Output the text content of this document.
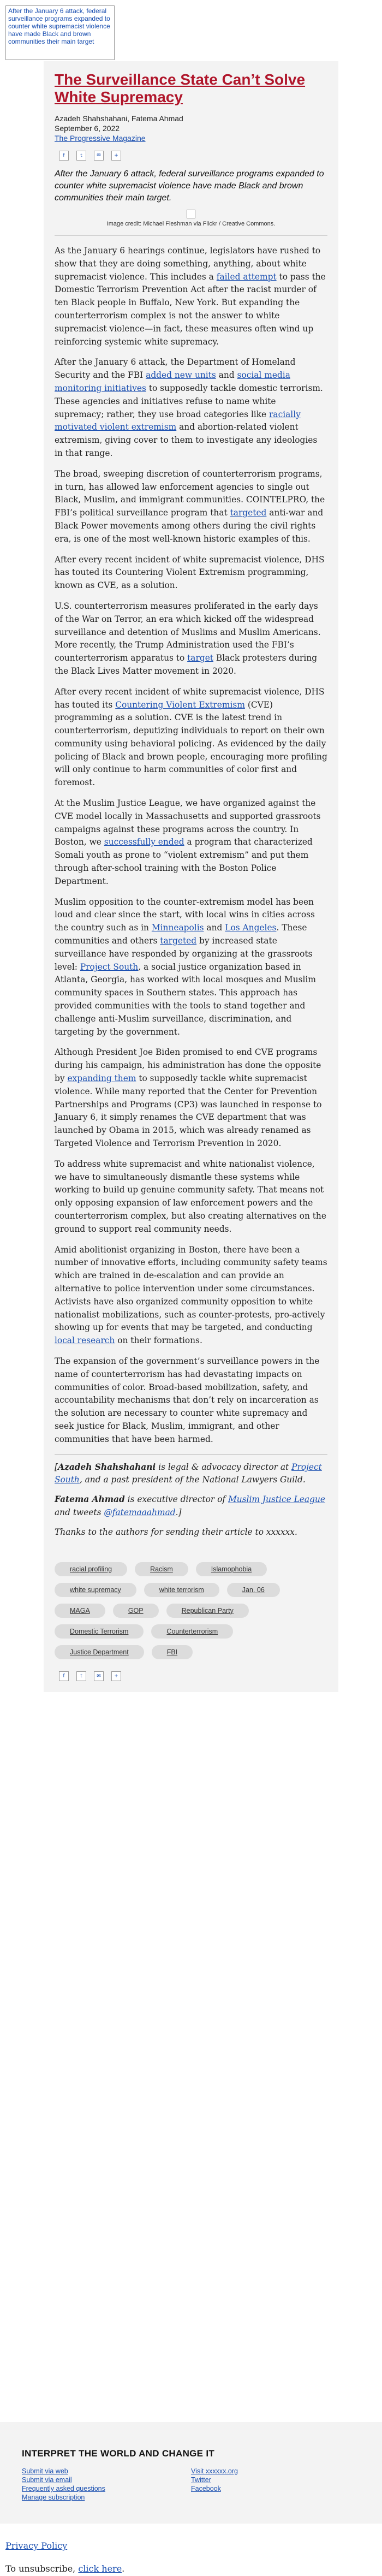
After the January 6 attack, federal surveillance programs expanded to counter white supremacist violence have made Black and brown communities their main target
The Surveillance State Can’t Solve White Supremacy
Azadeh Shahshahani, Fatema Ahmad
September 6, 2022
The Progressive Magazine
f	t	✉	+
After the January 6 attack, federal surveillance programs expanded to counter white supremacist violence have made Black and brown communities their main target.
Image credit: Michael Fleshman via Flickr / Creative Commons.

As the January 6 hearings continue, legislators have rushed to show that they are doing something, anything, about white supremacist violence. This includes a failed attempt to pass the Domestic Terrorism Prevention Act after the racist murder of ten Black people in Buffalo, New York. But expanding the counterterrorism complex is not the answer to white supremacist violence—in fact, these measures often wind up reinforcing systemic white supremacy.

After the January 6 attack, the Department of Homeland Security and the FBI added new units and social media monitoring initiatives to supposedly tackle domestic terrorism. These agencies and initiatives refuse to name white supremacy; rather, they use broad categories like racially motivated violent extremism and abortion-related violent extremism, giving cover to them to investigate any ideologies in that range.

The broad, sweeping discretion of counterterrorism programs, in turn, has allowed law enforcement agencies to single out Black, Muslim, and immigrant communities. COINTELPRO, the FBI’s political surveillance program that targeted anti-war and Black Power movements among others during the civil rights era, is one of the most well-known historic examples of this.

After every recent incident of white supremacist violence, DHS has touted its Countering Violent Extremism programming, known as CVE, as a solution.

U.S. counterterrorism measures proliferated in the early days of the War on Terror, an era which kicked off the widespread surveillance and detention of Muslims and Muslim Americans. More recently, the Trump Administration used the FBI’s counterterrorism apparatus to target Black protesters during the Black Lives Matter movement in 2020.

After every recent incident of white supremacist violence, DHS has touted its Countering Violent Extremism (CVE) programming as a solution. CVE is the latest trend in counterterrorism, deputizing individuals to report on their own community using behavioral policing. As evidenced by the daily policing of Black and brown people, encouraging more profiling will only continue to harm communities of color first and foremost.

At the Muslim Justice League, we have organized against the CVE model locally in Massachusetts and supported grassroots campaigns against these programs across the country. In Boston, we successfully ended a program that characterized Somali youth as prone to “violent extremism” and put them through after-school training with the Boston Police Department.

Muslim opposition to the counter-extremism model has been loud and clear since the start, with local wins in cities across the country such as in Minneapolis and Los Angeles. These communities and others targeted by increased state surveillance have responded by organizing at the grassroots level: Project South, a social justice organization based in Atlanta, Georgia, has worked with local mosques and Muslim community spaces in Southern states. This approach has provided communities with the tools to stand together and challenge anti-Muslim surveillance, discrimination, and targeting by the government.

Although President Joe Biden promised to end CVE programs during his campaign, his administration has done the opposite by expanding them to supposedly tackle white supremacist violence. While many reported that the Center for Prevention Partnerships and Programs (CP3) was launched in response to January 6, it simply renames the CVE department that was launched by Obama in 2015, which was already renamed as Targeted Violence and Terrorism Prevention in 2020.

To address white supremacist and white nationalist violence, we have to simultaneously dismantle these systems while working to build up genuine community safety. That means not only opposing expansion of law enforcement powers and the counterterrorism complex, but also creating alternatives on the ground to support real community needs.

Amid abolitionist organizing in Boston, there have been a number of innovative efforts, including community safety teams which are trained in de-escalation and can provide an alternative to police intervention under some circumstances. Activists have also organized community opposition to white nationalist mobilizations, such as counter-protests, pro-actively showing up for events that may be targeted, and conducting local research on their formations.

The expansion of the government’s surveillance powers in the name of counterterrorism has had devastating impacts on communities of color. Broad-based mobilization, safety, and accountability mechanisms that don’t rely on incarceration as the solution are necessary to counter white supremacy and seek justice for Black, Muslim, immigrant, and other communities that have been harmed.

[Azadeh Shahshahani is legal & advocacy director at Project South, and a past president of the National Lawyers Guild.

Fatema Ahmad is executive director of Muslim Justice League and tweets @fatemaaahmad.]

Thanks to the authors for sending their article to xxxxxx.

racial profiling	Racism	Islamophobia
white supremacy	white terrorism	Jan. 06
MAGA	GOP	Republican Party
Domestic Terrorism	Counterterrorism
Justice Department	FBI
f	t	✉	+
INTERPRET THE WORLD AND CHANGE IT
Submit via web
Submit via email
Frequently asked questions
Manage subscription
Visit xxxxxx.org
Twitter
Facebook
Privacy Policy
To unsubscribe, click here.
